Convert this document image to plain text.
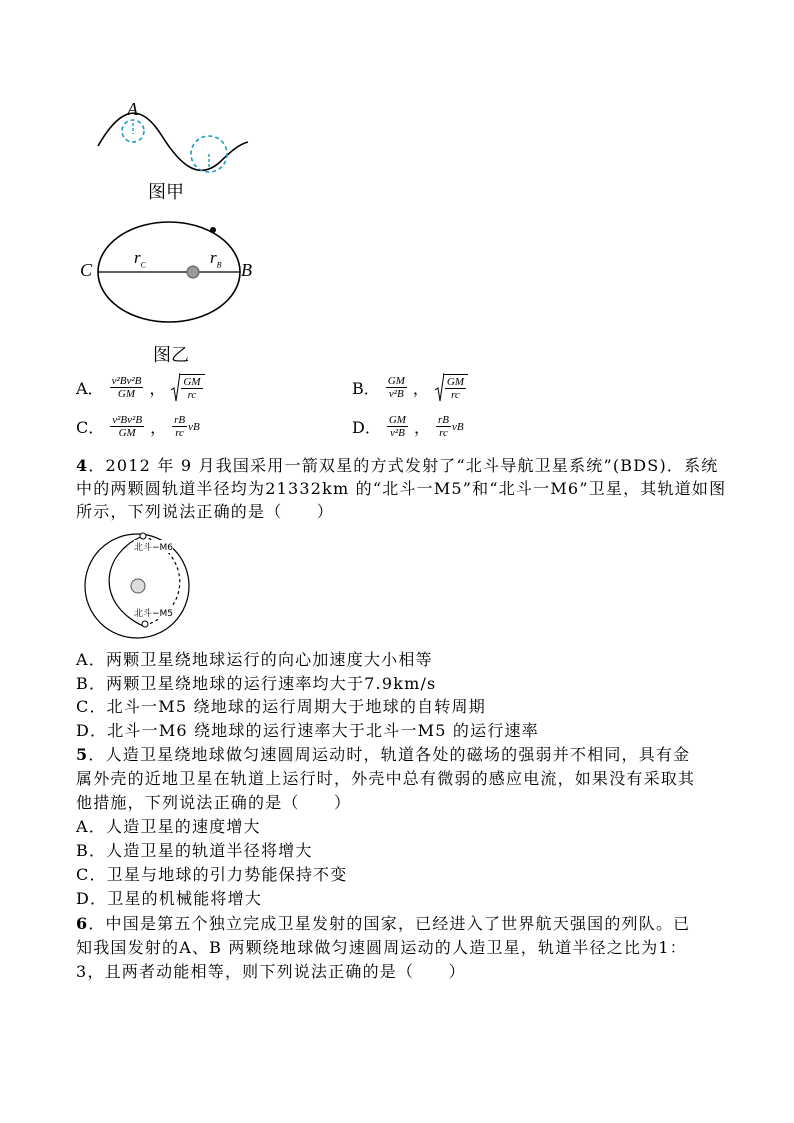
A
图甲
C	B
$r_C$	$r_B$
图乙
A． $\frac{\text{v²Bv²B}}{GM}$ ， $\frac{GM}{rc}$	B． $\frac{GM}{\text{v²B}}$ ， $\frac{GM}{rc}$
C． $\frac{\text{v²Bv²B}}{GM}$ ， $\frac{rB}{rc}$ vB	D． $\frac{GM}{\text{v²B}}$ ， $\frac{rB}{rc}$ vB
4．2012 年 9 月我国采用一箭双星的方式发射了“北斗导航卫星系统”(BDS)．系统
中的两颗圆轨道半径均为21332km 的“北斗一M5”和“北斗一M6”卫星，其轨道如图
所示，下列说法正确的是（　　）
北斗−M6
北斗−M5
A．两颗卫星绕地球运行的向心加速度大小相等
B．两颗卫星绕地球的运行速率均大于7.9km/s
C．北斗一M5 绕地球的运行周期大于地球的自转周期
D．北斗一M6 绕地球的运行速率大于北斗一M5 的运行速率
5．人造卫星绕地球做匀速圆周运动时，轨道各处的磁场的强弱并不相同，具有金
属外壳的近地卫星在轨道上运行时，外壳中总有微弱的感应电流，如果没有采取其
他措施，下列说法正确的是（　　）
A．人造卫星的速度增大
B．人造卫星的轨道半径将增大
C．卫星与地球的引力势能保持不变
D．卫星的机械能将增大
6．中国是第五个独立完成卫星发射的国家，已经进入了世界航天强国的列队。已
知我国发射的A、B 两颗绕地球做匀速圆周运动的人造卫星，轨道半径之比为1：
3，且两者动能相等，则下列说法正确的是（　　）
